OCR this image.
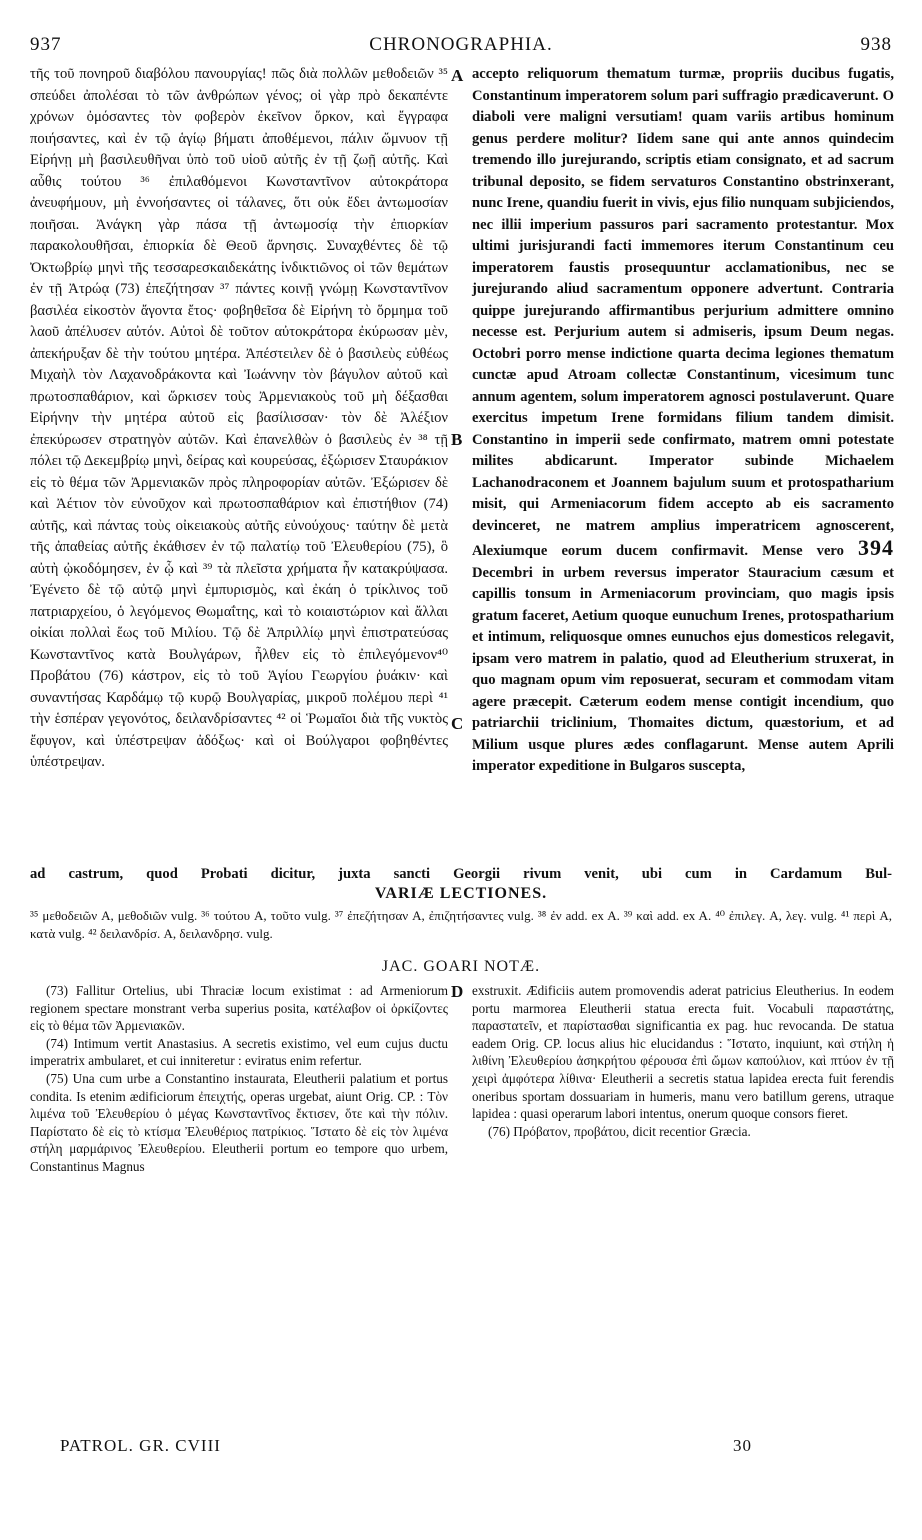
937	CHRONOGRAPHIA.	938

τῆς τοῦ πονηροῦ διαβόλου πανουργίας! πῶς διὰ πολλῶν μεθοδειῶν ³⁵ σπεύδει ἀπολέσαι τὸ τῶν ἀνθρώπων γένος; οἱ γὰρ πρὸ δεκαπέντε χρόνων ὀμόσαντες τὸν φοβερὸν ἐκεῖνον ὅρκον, καὶ ἔγγραφα ποιήσαντες, καὶ ἐν τῷ ἁγίῳ βήματι ἀποθέμενοι, πάλιν ὤμνυον τῇ Εἰρήνῃ μὴ βασιλευθῆναι ὑπὸ τοῦ υἱοῦ αὐτῆς ἐν τῇ ζωῇ αὐτῆς. Καὶ αὖθις τούτου ³⁶ ἐπιλαθόμενοι Κωνσταντῖνον αὐτοκράτορα ἀνευφήμουν, μὴ ἐννοήσαντες οἱ τάλανες, ὅτι οὐκ ἔδει ἀντωμοσίαν ποιῆσαι. Ἀνάγκη γὰρ πάσα τῇ ἀντωμοσίᾳ τὴν ἐπιορκίαν παρακολουθῆσαι, ἐπιορκία δὲ Θεοῦ ἄρνησις. Συναχθέντες δὲ τῷ Ὀκτωβρίῳ μηνὶ τῆς τεσσαρεσκαιδεκάτης ἰνδικτιῶνος οἱ τῶν θεμάτων ἐν τῇ Ἀτρώᾳ (73) ἐπεζήτησαν ³⁷ πάντες κοινῇ γνώμῃ Κωνσταντῖνον βασιλέα εἰκοστὸν ἄγοντα ἔτος· φοβηθεῖσα δὲ Εἰρήνη τὸ ὅρμημα τοῦ λαοῦ ἀπέλυσεν αὐτόν. Αὐτοὶ δὲ τοῦτον αὐτοκράτορα ἐκύρωσαν μὲν, ἀπεκήρυξαν δὲ τὴν τούτου μητέρα. Ἀπέστειλεν δὲ ὁ βασιλεὺς εὐθέως Μιχαὴλ τὸν Λαχανοδράκοντα καὶ Ἰωάννην τὸν βάγυλον αὐτοῦ καὶ πρωτοσπαθάριον, καὶ ὥρκισεν τοὺς Ἀρμενιακοὺς τοῦ μὴ δέξασθαι Εἰρήνην τὴν μητέρα αὐτοῦ εἰς βασίλισσαν· τὸν δὲ Ἀλέξιον ἐπεκύρωσεν στρατηγὸν αὐτῶν. Καὶ ἐπανελθὼν ὁ βασιλεὺς ἐν ³⁸ τῇ πόλει τῷ Δεκεμβρίῳ μηνὶ, δείρας καὶ κουρεύσας, ἐξώρισεν Σταυράκιον εἰς τὸ θέμα τῶν Ἀρμενιακῶν πρὸς πληροφορίαν αὐτῶν. Ἐξώρισεν δὲ καὶ Ἀέτιον τὸν εὐνοῦχον καὶ πρωτοσπαθάριον καὶ ἐπιστήθιον (74) αὐτῆς, καὶ πάντας τοὺς οἰκειακοὺς αὐτῆς εὐνούχους· ταύτην δὲ μετὰ τῆς ἀπαθείας αὐτῆς ἐκάθισεν ἐν τῷ παλατίῳ τοῦ Ἐλευθερίου (75), ὃ αὐτὴ ᾠκοδόμησεν, ἐν ᾧ καὶ ³⁹ τὰ πλεῖστα χρήματα ἦν κατακρύψασα. Ἐγένετο δὲ τῷ αὐτῷ μηνὶ ἐμπυρισμὸς, καὶ ἐκάη ὁ τρίκλινος τοῦ πατριαρχείου, ὁ λεγόμενος Θωμαΐτης, καὶ τὸ κοιαιστώριον καὶ ἄλλαι οἰκίαι πολλαὶ ἕως τοῦ Μιλίου. Τῷ δὲ Ἀπριλλίῳ μηνὶ ἐπιστρατεύσας Κωνσταντῖνος κατὰ Βουλγάρων, ἦλθεν εἰς τὸ ἐπιλεγόμενον⁴⁰ Προβάτου (76) κάστρον, εἰς τὸ τοῦ Ἁγίου Γεωργίου ῥυάκιν· καὶ συναντήσας Καρδάμῳ τῷ κυρῷ Βουλγαρίας, μικροῦ πολέμου περὶ ⁴¹ τὴν ἑσπέραν γεγονότος, δειλανδρίσαντες ⁴² οἱ Ῥωμαῖοι διὰ τῆς νυκτὸς ἔφυγον, καὶ ὑπέστρεψαν ἀδόξως· καὶ οἱ Βούλγαροι φοβηθέντες ὑπέστρεψαν.

A
B
C
D

accepto reliquorum thematum turmæ, propriis ducibus fugatis, Constantinum imperatorem solum pari suffragio prædicaverunt. O diaboli vere maligni versutiam! quam variis artibus hominum genus perdere molitur? Iidem sane qui ante annos quindecim tremendo illo jurejurando, scriptis etiam consignato, et ad sacrum tribunal deposito, se fidem servaturos Constantino obstrinxerant, nunc Irene, quandiu fuerit in vivis, ejus filio nunquam subjiciendos, nec illii imperium passuros pari sacramento protestantur. Mox ultimi jurisjurandi facti immemores iterum Constantinum ceu imperatorem faustis prosequuntur acclamationibus, nec se jurejurando aliud sacramentum opponere advertunt. Contraria quippe jurejurando affirmantibus perjurium admittere omnino necesse est. Perjurium autem si admiseris, ipsum Deum negas. Octobri porro mense indictione quarta decima legiones thematum cunctæ apud Atroam collectæ Constantinum, vicesimum tunc annum agentem, solum imperatorem agnosci postulaverunt. Quare exercitus impetum Irene formidans filium tandem dimisit. Constantino in imperii sede confirmato, matrem omni potestate milites abdicarunt. Imperator subinde Michaelem Lachanodraconem et Joannem bajulum suum et protospatharium misit, qui Armeniacorum fidem accepto ab eis sacramento devinceret, ne matrem amplius imperatricem agnoscerent, Alexiumque eorum ducem confirmavit. Mense vero 394 Decembri in urbem reversus imperator Stauracium cæsum et capillis tonsum in Armeniacorum provinciam, quo magis ipsis gratum faceret, Aetium quoque eunuchum Irenes, protospatharium et intimum, reliquosque omnes eunuchos ejus domesticos relegavit, ipsam vero matrem in palatio, quod ad Eleutherium struxerat, in quo magnam opum vim reposuerat, securam et commodam vitam agere præcepit. Cæterum eodem mense contigit incendium, quo patriarchii triclinium, Thomaites dictum, quæstorium, et ad Milium usque plures ædes conflagarunt. Mense autem Aprili imperator expeditione in Bulgaros suscepta,

ad castrum, quod Probati dicitur, juxta sancti Georgii rivum venit, ubi cum in Cardamum Bul-
VARIÆ LECTIONES.
³⁵ μεθοδειῶν A, μεθοδιῶν vulg. ³⁶ τούτου A, τοῦτο vulg. ³⁷ ἐπεζήτησαν A, ἐπιζητήσαντες vulg. ³⁸ ἐν add. ex A. ³⁹ καὶ add. ex A. ⁴⁰ ἐπιλεγ. A, λεγ. vulg. ⁴¹ περὶ A, κατὰ vulg. ⁴² δειλανδρίσ. A, δειλανδρησ. vulg.
JAC. GOARI NOTÆ.

(73) Fallitur Ortelius, ubi Thraciæ locum existimat : ad Armeniorum regionem spectare monstrant verba superius posita, κατέλαβον οἱ ὀρκίζοντες εἰς τὸ θέμα τῶν Ἀρμενιακῶν.

(74) Intimum vertit Anastasius. A secretis existimo, vel eum cujus ductu imperatrix ambularet, et cui inniteretur : eviratus enim refertur.

(75) Una cum urbe a Constantino instaurata, Eleutherii palatium et portus condita. Is etenim ædificiorum ἐπειχτής, operas urgebat, aiunt Orig. CP. : Τὸν λιμένα τοῦ Ἐλευθερίου ὁ μέγας Κωνσταντῖνος ἔκτισεν, ὅτε καὶ τὴν πόλιν. Παρίστατο δὲ εἰς τὸ κτίσμα Ἐλευθέριος πατρίκιος. Ἵστατο δὲ εἰς τὸν λιμένα στήλη μαρμάρινος Ἐλευθερίου. Eleutherii portum eo tempore quo urbem, Constantinus Magnus

exstruxit. Ædificiis autem promovendis aderat patricius Eleutherius. In eodem portu marmorea Eleutherii statua erecta fuit. Vocabuli παραστάτης, παραστατεῖν, et παρίστασθαι significantia ex pag. huc revocanda. De statua eadem Orig. CP. locus alius hic elucidandus : Ἵστατο, inquiunt, καὶ στήλη ἡ λιθίνη Ἐλευθερίου ἀσηκρήτου φέρουσα ἐπὶ ὤμων καπούλιον, καὶ πτύον ἐν τῇ χειρὶ ἀμφότερα λίθινα· Eleutherii a secretis statua lapidea erecta fuit ferendis oneribus sportam dossuariam in humeris, manu vero batillum gerens, utraque lapidea : quasi operarum labori intentus, onerum quoque consors fieret.

(76) Πρόβατον, προβάτου, dicit recentior Græcia.

PATROL. GR. CVIII	30
